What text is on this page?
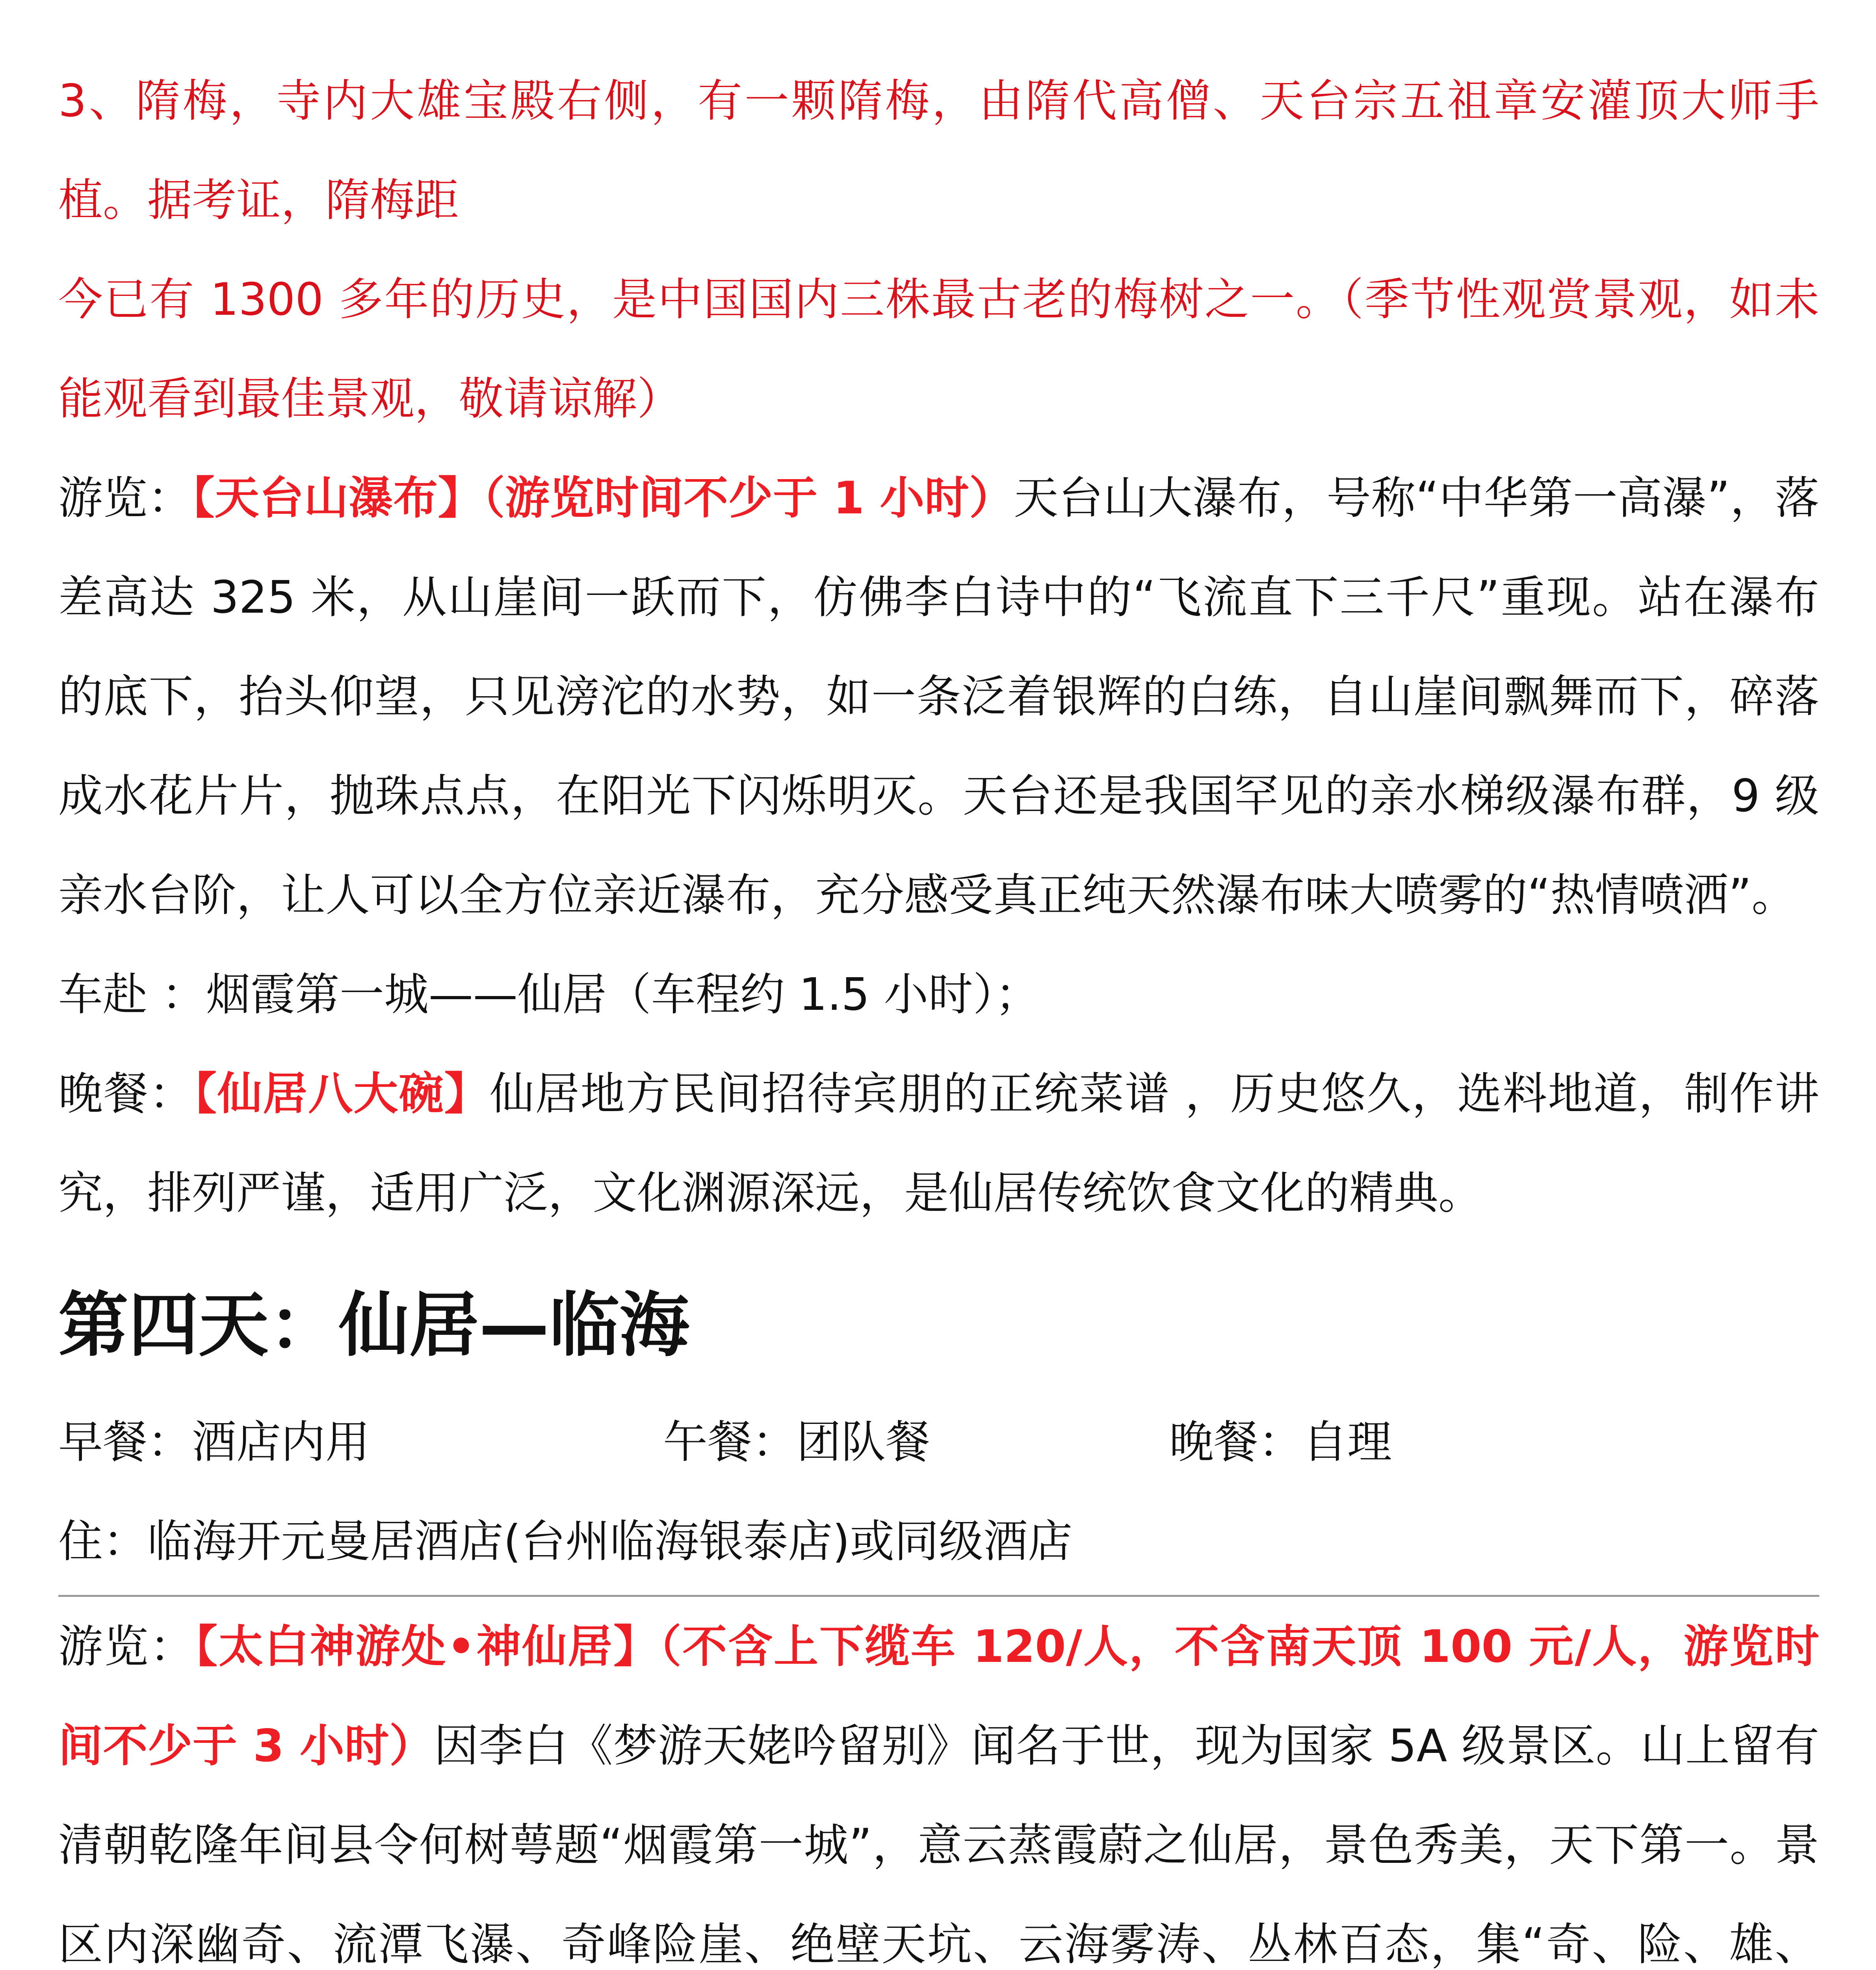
3、隋梅，寺内大雄宝殿右侧，有一颗隋梅，由隋代高僧、天台宗五祖章安灌顶大师手植。据考证，隋梅距

今已有 1300 多年的历史，是中国国内三株最古老的梅树之一。（季节性观赏景观，如未能观看到最佳景观，敬请谅解）

游览：【天台山瀑布】（游览时间不少于 1 小时）天台山大瀑布，号称“中华第一高瀑”，落差高达 325 米，从山崖间一跃而下，仿佛李白诗中的“飞流直下三千尺”重现。站在瀑布的底下，抬头仰望，只见滂沱的水势，如一条泛着银辉的白练，自山崖间飘舞而下，碎落成水花片片，抛珠点点，在阳光下闪烁明灭。天台还是我国罕见的亲水梯级瀑布群，9 级亲水台阶，让人可以全方位亲近瀑布，充分感受真正纯天然瀑布味大喷雾的“热情喷洒”。

车赴 ：烟霞第一城——仙居（车程约 1.5 小时）；

晚餐：【仙居八大碗】仙居地方民间招待宾朋的正统菜谱 ，历史悠久，选料地道，制作讲究，排列严谨，适用广泛，文化渊源深远，是仙居传统饮食文化的精典。

第四天：仙居—临海
早餐：酒店内用	午餐：团队餐	晚餐：自理
住：临海开元曼居酒店(台州临海银泰店)或同级酒店

游览：【太白神游处•神仙居】（不含上下缆车 120/人，不含南天顶 100 元/人，游览时间不少于 3 小时）因李白《梦游天姥吟留别》闻名于世，现为国家 5A 级景区。山上留有清朝乾隆年间县令何树萼题“烟霞第一城”，意云蒸霞蔚之仙居，景色秀美，天下第一。景区内深幽奇、流潭飞瀑、奇峰险崖、绝壁天坑、云海雾涛、丛林百态，集“奇、险、雄、
